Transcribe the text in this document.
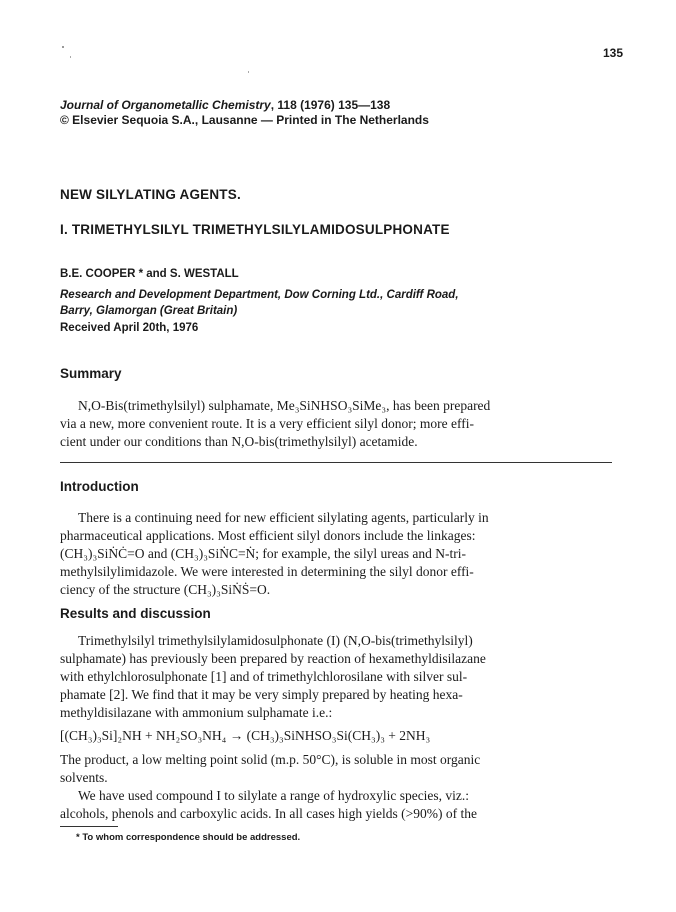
135
Journal of Organometallic Chemistry, 118 (1976) 135—138
© Elsevier Sequoia S.A., Lausanne — Printed in The Netherlands
NEW SILYLATING AGENTS.
I. TRIMETHYLSILYL TRIMETHYLSILYLAMIDOSULPHONATE
B.E. COOPER * and S. WESTALL
Research and Development Department, Dow Corning Ltd., Cardiff Road,
Barry, Glamorgan (Great Britain)
Received April 20th, 1976
Summary
N,O-Bis(trimethylsilyl) sulphamate, Me₃SiNHSO₃SiMe₃, has been prepared
via a new, more convenient route. It is a very efficient silyl donor; more effi-
cient under our conditions than N,O-bis(trimethylsilyl) acetamide.
Introduction
There is a continuing need for new efficient silylating agents, particularly in
pharmaceutical applications. Most efficient silyl donors include the linkages:
(CH₃)₃SiṄĊ=O and (CH₃)₃SiṄC=Ṅ; for example, the silyl ureas and N-tri-
methylsilylimidazole. We were interested in determining the silyl donor effi-
ciency of the structure (CH₃)₃SiṄṠ=O.
Results and discussion
Trimethylsilyl trimethylsilylamidosulphonate (I) (N,O-bis(trimethylsilyl)
sulphamate) has previously been prepared by reaction of hexamethyldisilazane
with ethylchlorosulphonate [1] and of trimethylchlorosilane with silver sul-
phamate [2]. We find that it may be very simply prepared by heating hexa-
methyldisilazane with ammonium sulphamate i.e.:
[(CH₃)₃Si]₂NH + NH₂SO₃NH₄ → (CH₃)₃SiNHSO₃Si(CH₃)₃ + 2NH₃
The product, a low melting point solid (m.p. 50°C), is soluble in most organic
solvents.
We have used compound I to silylate a range of hydroxylic species, viz.:
alcohols, phenols and carboxylic acids. In all cases high yields (>90%) of the
* To whom correspondence should be addressed.
